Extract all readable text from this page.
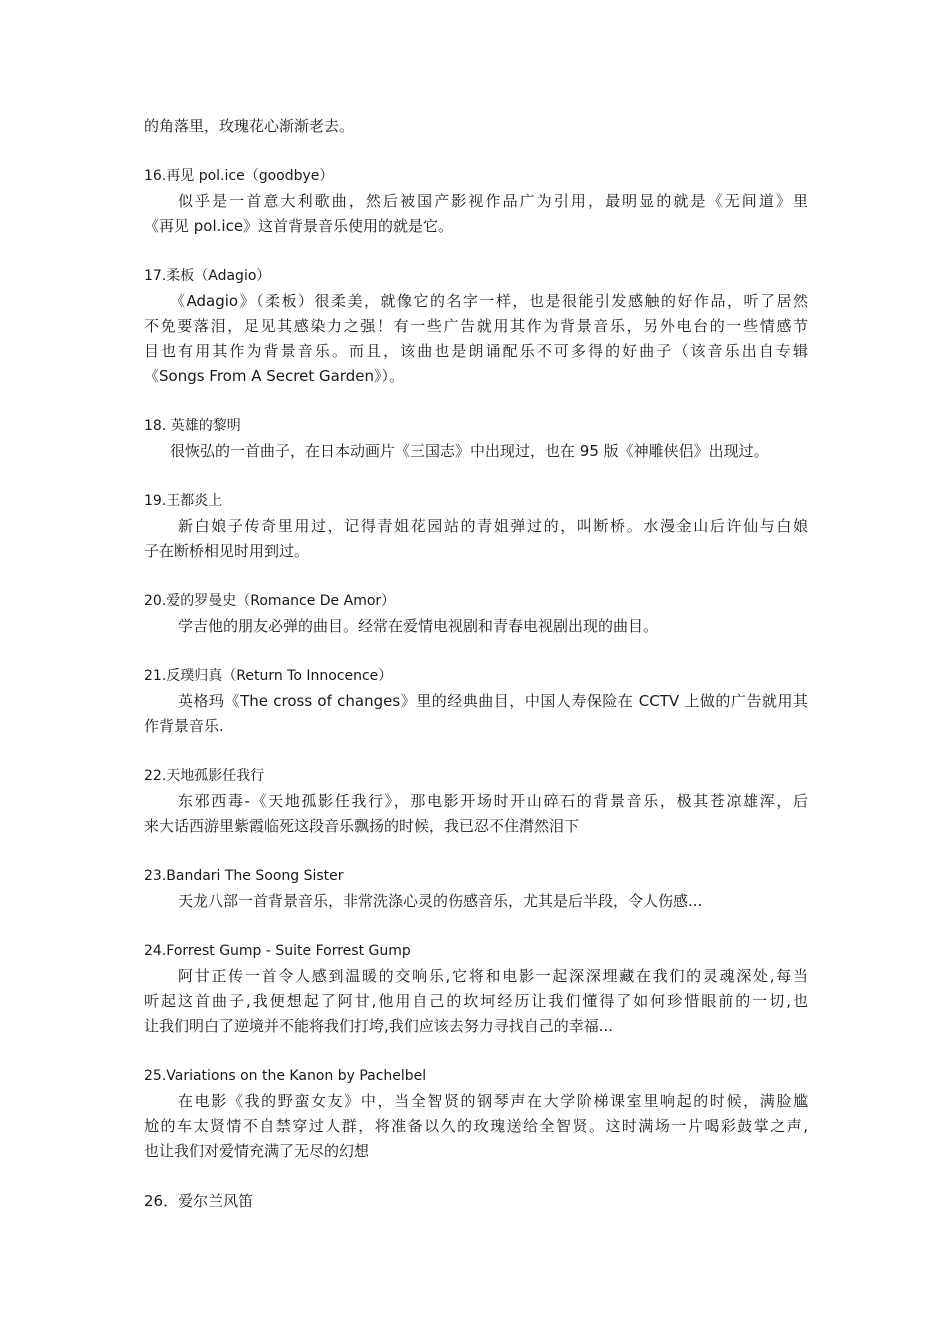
的角落里，玫瑰花心渐渐老去。
16.再见 pol.ice（goodbye）
似乎是一首意大利歌曲，然后被国产影视作品广为引用，最明显的就是《无间道》里
《再见 pol.ice》这首背景音乐使用的就是它。
17.柔板（Adagio）
《Adagio》（柔板）很柔美，就像它的名字一样，也是很能引发感触的好作品，听了居然
不免要落泪，足见其感染力之强！有一些广告就用其作为背景音乐，另外电台的一些情感节
目也有用其作为背景音乐。而且，该曲也是朗诵配乐不可多得的好曲子（该音乐出自专辑
《Songs From A Secret Garden》）。
18. 英雄的黎明
很恢弘的一首曲子，在日本动画片《三国志》中出现过，也在 95 版《神雕侠侣》出现过。
19.王都炎上
新白娘子传奇里用过，记得青姐花园站的青姐弹过的，叫断桥。水漫金山后许仙与白娘
子在断桥相见时用到过。
20.爱的罗曼史（Romance De Amor）
学吉他的朋友必弹的曲目。经常在爱情电视剧和青春电视剧出现的曲目。
21.反璞归真（Return To Innocence）
英格玛《The cross of changes》里的经典曲目，中国人寿保险在 CCTV 上做的广告就用其
作背景音乐.
22.天地孤影任我行
东邪西毒-《天地孤影任我行》，那电影开场时开山碎石的背景音乐，极其苍凉雄浑，后
来大话西游里紫霞临死这段音乐飘扬的时候，我已忍不住潸然泪下
23.Bandari The Soong Sister
天龙八部一首背景音乐，非常洗涤心灵的伤感音乐，尤其是后半段，令人伤感...
24.Forrest Gump - Suite Forrest Gump
阿甘正传一首令人感到温暖的交响乐,它将和电影一起深深埋藏在我们的灵魂深处,每当
听起这首曲子,我便想起了阿甘,他用自己的坎坷经历让我们懂得了如何珍惜眼前的一切,也
让我们明白了逆境并不能将我们打垮,我们应该去努力寻找自己的幸福...
25.Variations on the Kanon by Pachelbel
在电影《我的野蛮女友》中，当全智贤的钢琴声在大学阶梯课室里响起的时候，满脸尴
尬的车太贤情不自禁穿过人群，将准备以久的玫瑰送给全智贤。这时满场一片喝彩鼓掌之声,
也让我们对爱情充满了无尽的幻想
26．爱尔兰风笛
